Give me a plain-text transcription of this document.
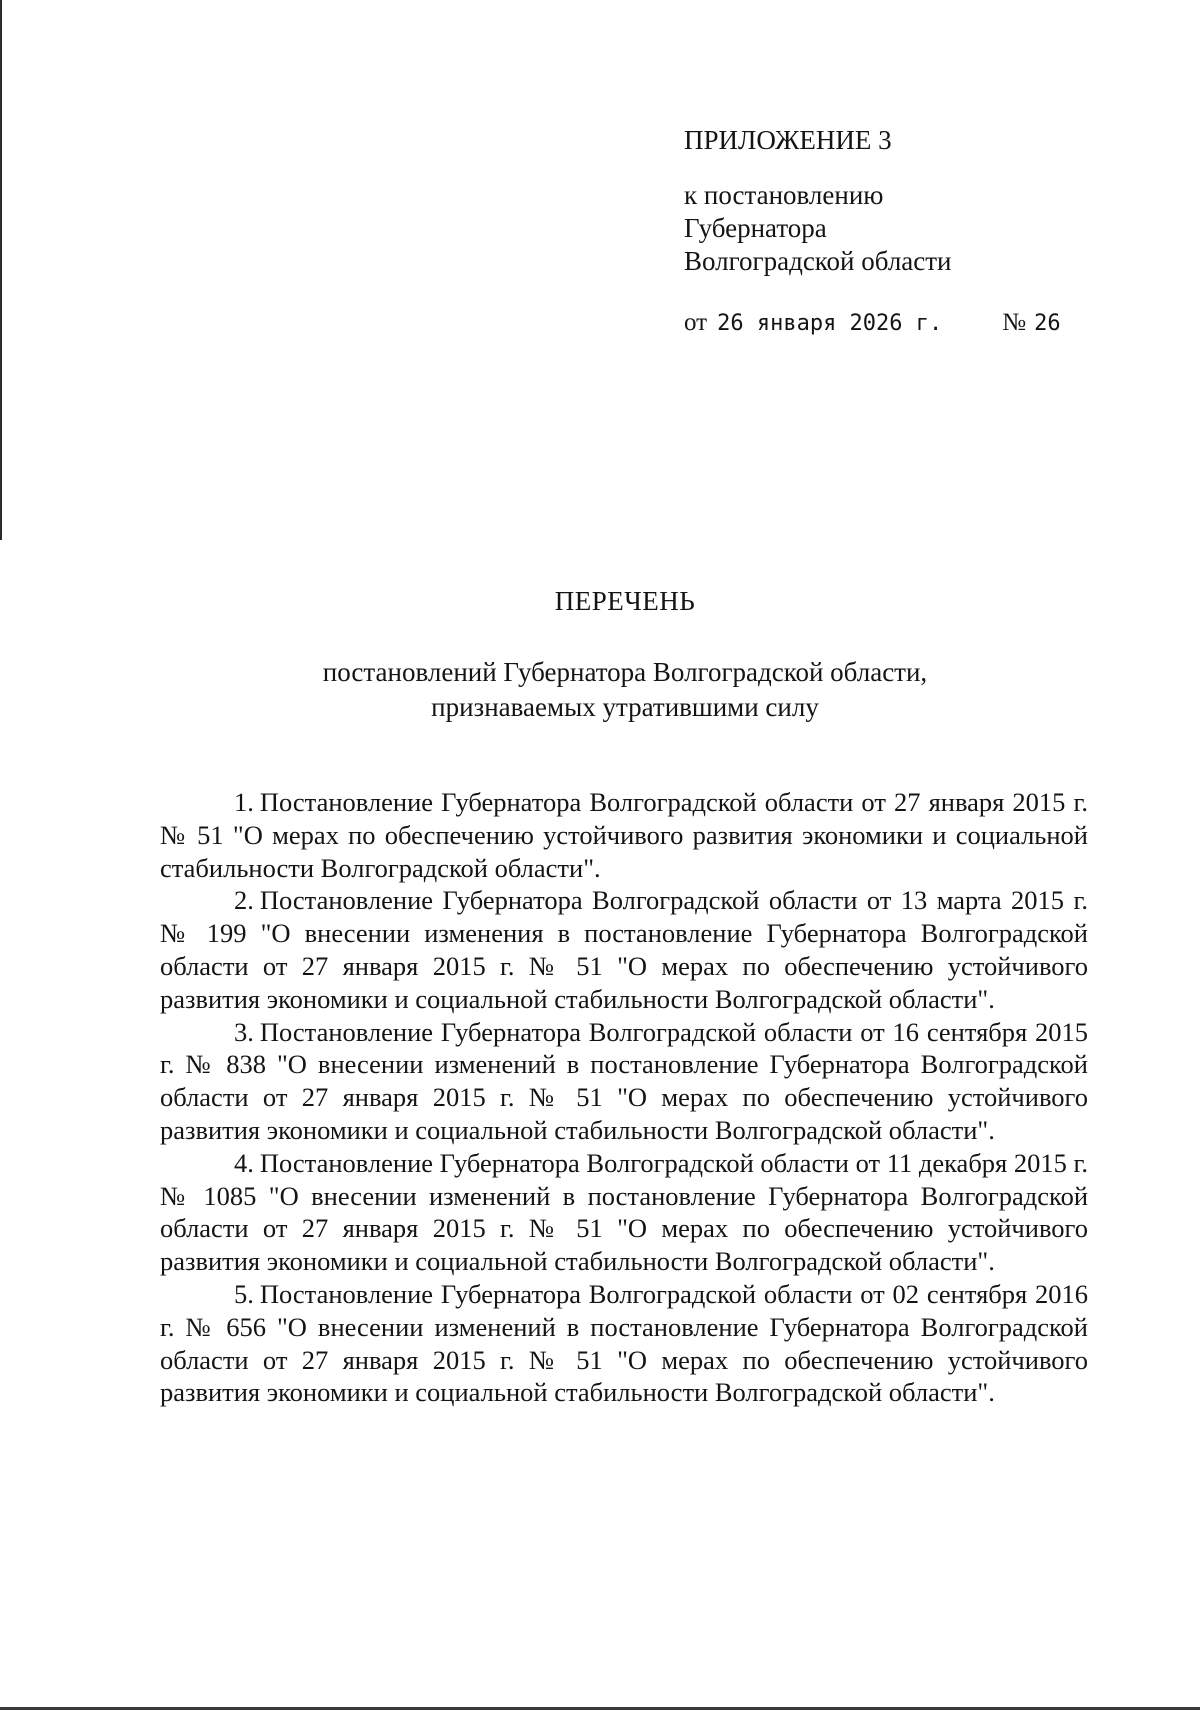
ПРИЛОЖЕНИЕ 3
к постановлению
Губернатора
Волгоградской области
от 26 января 2026 г. № 26
ПЕРЕЧЕНЬ
постановлений Губернатора Волгоградской области,
признаваемых утратившими силу

1. Постановление Губернатора Волгоградской области от 27 января 2015 г. № 51 "О мерах по обеспечению устойчивого развития экономики и социальной стабильности Волгоградской области".

2. Постановление Губернатора Волгоградской области от 13 марта 2015 г. № 199 "О внесении изменения в постановление Губернатора Волгоградской области от 27 января 2015 г. № 51 "О мерах по обеспечению устойчивого развития экономики и социальной стабильности Волгоградской области".

3. Постановление Губернатора Волгоградской области от 16 сентября 2015 г. № 838 "О внесении изменений в постановление Губернатора Волгоградской области от 27 января 2015 г. № 51 "О мерах по обеспечению устойчивого развития экономики и социальной стабильности Волгоградской области".

4. Постановление Губернатора Волгоградской области от 11 декабря 2015 г. № 1085 "О внесении изменений в постановление Губернатора Волгоградской области от 27 января 2015 г. № 51 "О мерах по обеспечению устойчивого развития экономики и социальной стабильности Волгоградской области".

5. Постановление Губернатора Волгоградской области от 02 сентября 2016 г. № 656 "О внесении изменений в постановление Губернатора Волгоградской области от 27 января 2015 г. № 51 "О мерах по обеспечению устойчивого развития экономики и социальной стабильности Волгоградской области".
